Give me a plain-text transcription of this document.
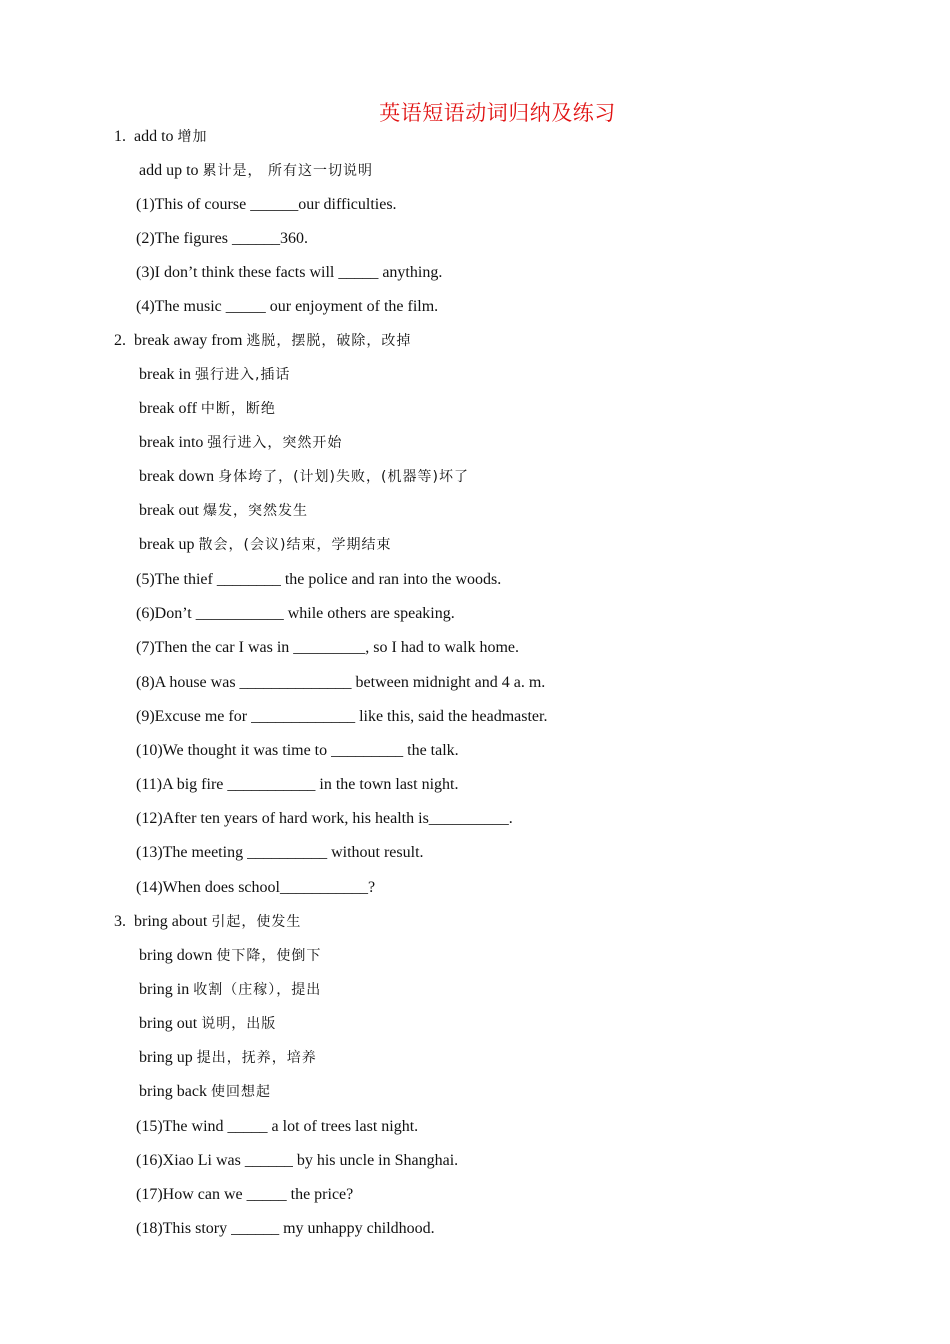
英语短语动词归纳及练习
1. add to 增加
add up to 累计是， 所有这一切说明
(1)This of course ______our difficulties.
(2)The figures ______360.
(3)I don’t think these facts will _____ anything.
(4)The music _____ our enjoyment of the film.
2. break away from 逃脱，摆脱，破除，改掉
break in 强行进入,插话
break off 中断，断绝
break into 强行进入，突然开始
break down 身体垮了，(计划)失败，(机器等)坏了
break out 爆发，突然发生
break up 散会，(会议)结束，学期结束
(5)The thief ________ the police and ran into the woods.
(6)Don’t ___________ while others are speaking.
(7)Then the car I was in _________, so I had to walk home.
(8)A house was ______________ between midnight and 4 a. m.
(9)Excuse me for _____________ like this, said the headmaster.
(10)We thought it was time to _________ the talk.
(11)A big fire ___________ in the town last night.
(12)After ten years of hard work, his health is__________.
(13)The meeting __________ without result.
(14)When does school___________?
3. bring about 引起，使发生
bring down 使下降，使倒下
bring in 收割（庄稼），提出
bring out 说明，出版
bring up 提出，抚养，培养
bring back 使回想起
(15)The wind _____ a lot of trees last night.
(16)Xiao Li was ______ by his uncle in Shanghai.
(17)How can we _____ the price?
(18)This story ______ my unhappy childhood.
